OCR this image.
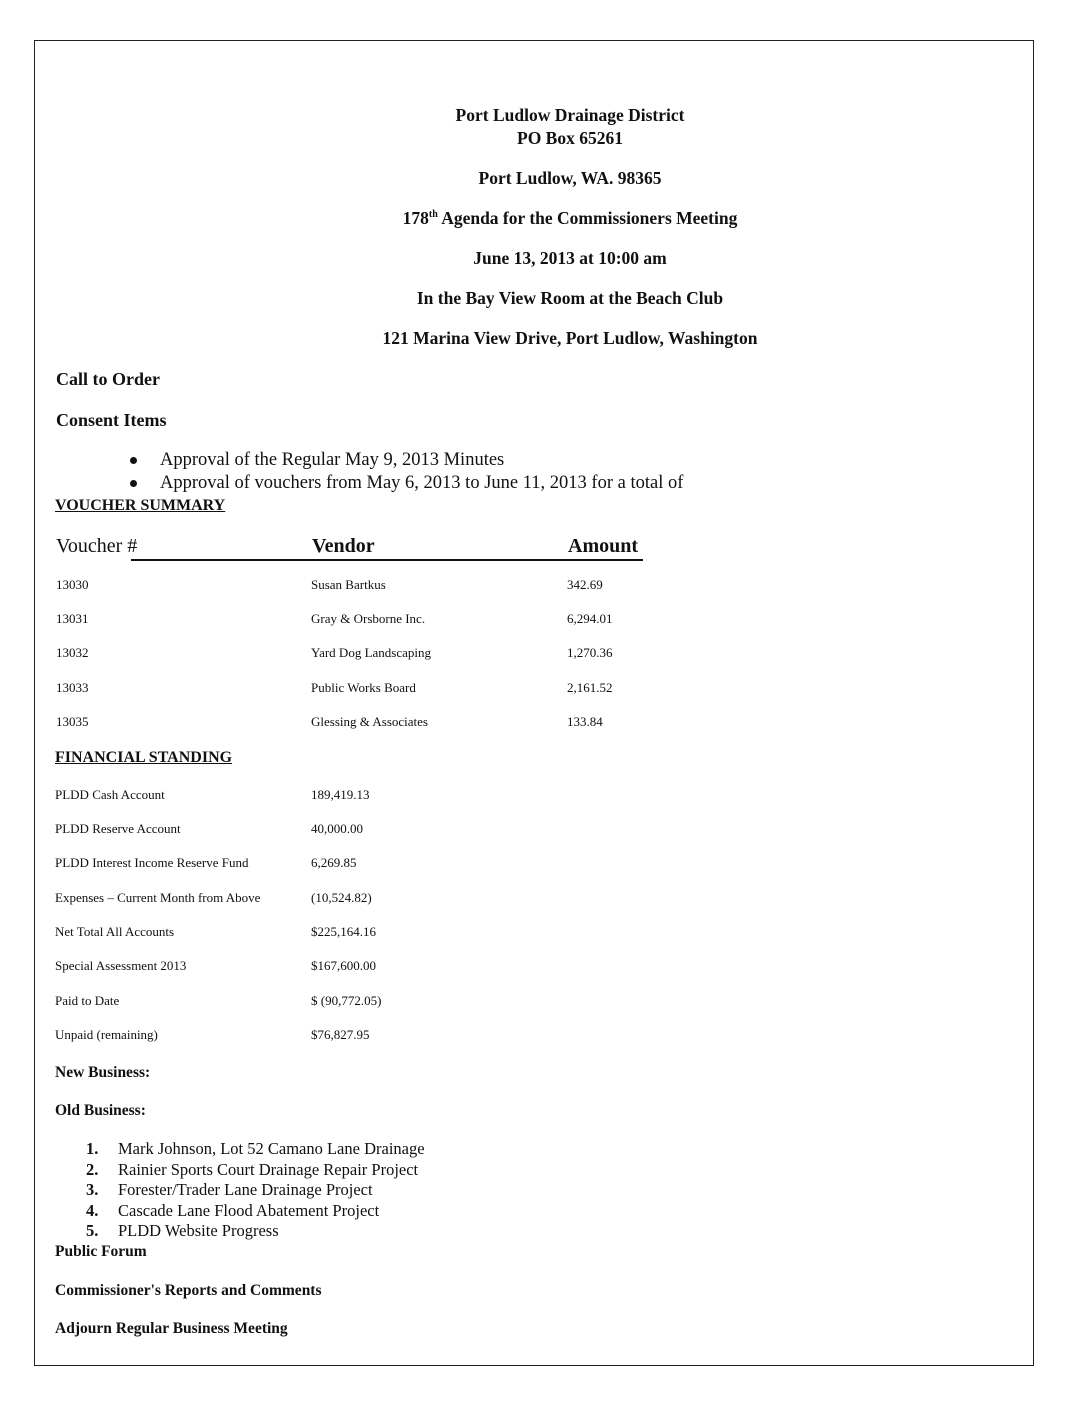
Port Ludlow Drainage District
PO Box 65261
Port Ludlow, WA. 98365
178th Agenda for the Commissioners Meeting
June 13, 2013 at 10:00 am
In the Bay View Room at the Beach Club
121 Marina View Drive, Port Ludlow, Washington
Call to Order
Consent Items
Approval of the Regular May 9, 2013 Minutes
Approval of vouchers from May 6, 2013 to June 11, 2013 for a total of
VOUCHER SUMMARY
Voucher #	Vendor	Amount
13030	Susan Bartkus	342.69
13031	Gray & Orsborne Inc.	6,294.01
13032	Yard Dog Landscaping	1,270.36
13033	Public Works Board	2,161.52
13035	Glessing & Associates	133.84
FINANCIAL STANDING
PLDD Cash Account	189,419.13
PLDD Reserve Account	40,000.00
PLDD Interest Income Reserve Fund	6,269.85
Expenses – Current Month from Above	(10,524.82)
Net Total All Accounts	$225,164.16
Special Assessment 2013	$167,600.00
Paid to Date	$ (90,772.05)
Unpaid (remaining)	$76,827.95
New Business:
Old Business:
1. Mark Johnson, Lot 52 Camano Lane Drainage
2. Rainier Sports Court Drainage Repair Project
3. Forester/Trader Lane Drainage Project
4. Cascade Lane Flood Abatement Project
5. PLDD Website Progress
Public Forum
Commissioner's Reports and Comments
Adjourn Regular Business Meeting
